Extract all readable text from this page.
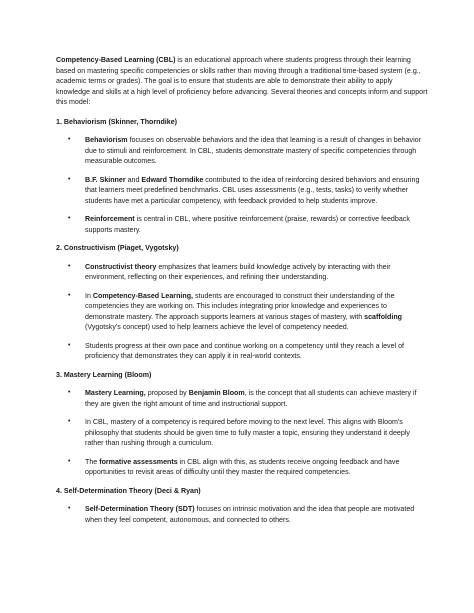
Competency-Based Learning (CBL) is an educational approach where students progress through their learning based on mastering specific competencies or skills rather than moving through a traditional time-based system (e.g., academic terms or grades). The goal is to ensure that students are able to demonstrate their ability to apply knowledge and skills at a high level of proficiency before advancing. Several theories and concepts inform and support this model:

1. Behaviorism (Skinner, Thorndike)

• Behaviorism focuses on observable behaviors and the idea that learning is a result of changes in behavior due to stimuli and reinforcement. In CBL, students demonstrate mastery of specific competencies through measurable outcomes.
• B.F. Skinner and Edward Thorndike contributed to the idea of reinforcing desired behaviors and ensuring that learners meet predefined benchmarks. CBL uses assessments (e.g., tests, tasks) to verify whether students have met a particular competency, with feedback provided to help students improve.
• Reinforcement is central in CBL, where positive reinforcement (praise, rewards) or corrective feedback supports mastery.

2. Constructivism (Piaget, Vygotsky)

• Constructivist theory emphasizes that learners build knowledge actively by interacting with their environment, reflecting on their experiences, and refining their understanding.
• In Competency-Based Learning, students are encouraged to construct their understanding of the competencies they are working on. This includes integrating prior knowledge and experiences to demonstrate mastery. The approach supports learners at various stages of mastery, with scaffolding (Vygotsky's concept) used to help learners achieve the level of competency needed.
• Students progress at their own pace and continue working on a competency until they reach a level of proficiency that demonstrates they can apply it in real-world contexts.

3. Mastery Learning (Bloom)

• Mastery Learning, proposed by Benjamin Bloom, is the concept that all students can achieve mastery if they are given the right amount of time and instructional support.
• In CBL, mastery of a competency is required before moving to the next level. This aligns with Bloom's philosophy that students should be given time to fully master a topic, ensuring they understand it deeply rather than rushing through a curriculum.
• The formative assessments in CBL align with this, as students receive ongoing feedback and have opportunities to revisit areas of difficulty until they master the required competencies.

4. Self-Determination Theory (Deci & Ryan)

• Self-Determination Theory (SDT) focuses on intrinsic motivation and the idea that people are motivated when they feel competent, autonomous, and connected to others.
